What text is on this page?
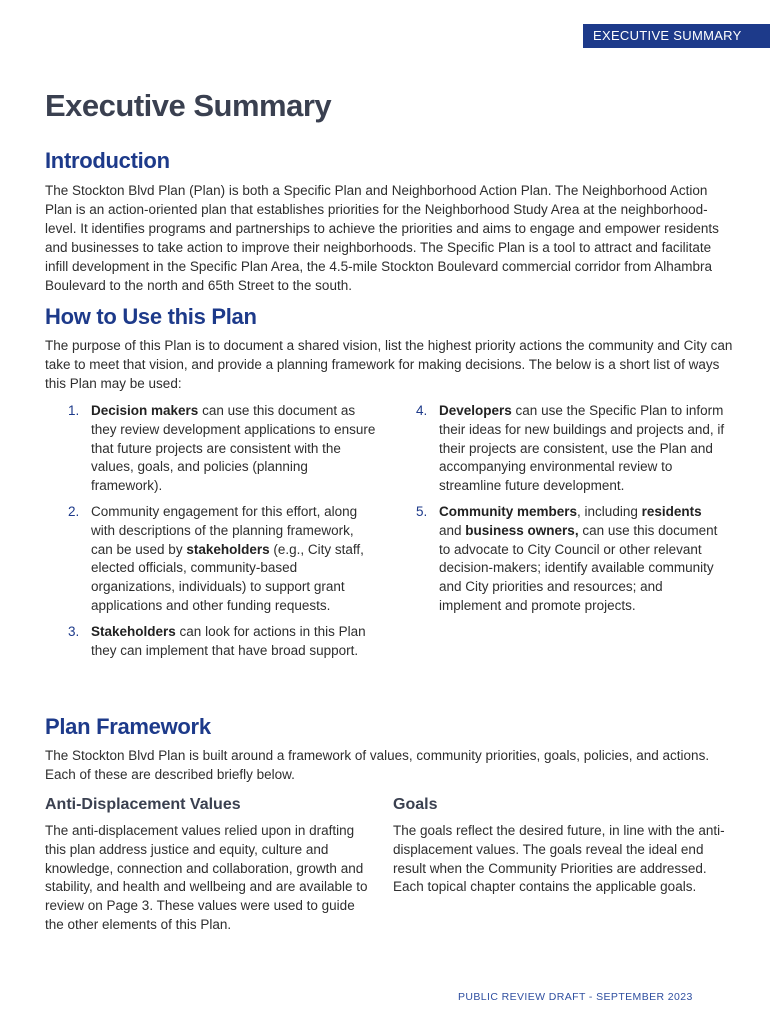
EXECUTIVE SUMMARY
Executive Summary
Introduction

The Stockton Blvd Plan (Plan) is both a Specific Plan and Neighborhood Action Plan. The Neighborhood Action Plan is an action-oriented plan that establishes priorities for the Neighborhood Study Area at the neighborhood-level. It identifies programs and partnerships to achieve the priorities and aims to engage and empower residents and businesses to take action to improve their neighborhoods. The Specific Plan is a tool to attract and facilitate infill development in the Specific Plan Area, the 4.5-mile Stockton Boulevard commercial corridor from Alhambra Boulevard to the north and 65th Street to the south.

How to Use this Plan

The purpose of this Plan is to document a shared vision, list the highest priority actions the community and City can take to meet that vision, and provide a planning framework for making decisions. The below is a short list of ways this Plan may be used:

1. Decision makers can use this document as they review development applications to ensure that future projects are consistent with the values, goals, and policies (planning framework).
2. Community engagement for this effort, along with descriptions of the planning framework, can be used by stakeholders (e.g., City staff, elected officials, community-based organizations, individuals) to support grant applications and other funding requests.
3. Stakeholders can look for actions in this Plan they can implement that have broad support.
4. Developers can use the Specific Plan to inform their ideas for new buildings and projects and, if their projects are consistent, use the Plan and accompanying environmental review to streamline future development.
5. Community members, including residents and business owners, can use this document to advocate to City Council or other relevant decision-makers; identify available community and City priorities and resources; and implement and promote projects.
Plan Framework

The Stockton Blvd Plan is built around a framework of values, community priorities, goals, policies, and actions. Each of these are described briefly below.

Anti-Displacement Values

The anti-displacement values relied upon in drafting this plan address justice and equity, culture and knowledge, connection and collaboration, growth and stability, and health and wellbeing and are available to review on Page 3. These values were used to guide the other elements of this Plan.

Goals

The goals reflect the desired future, in line with the anti-displacement values. The goals reveal the ideal end result when the Community Priorities are addressed. Each topical chapter contains the applicable goals.

PUBLIC REVIEW DRAFT - SEPTEMBER 2023
